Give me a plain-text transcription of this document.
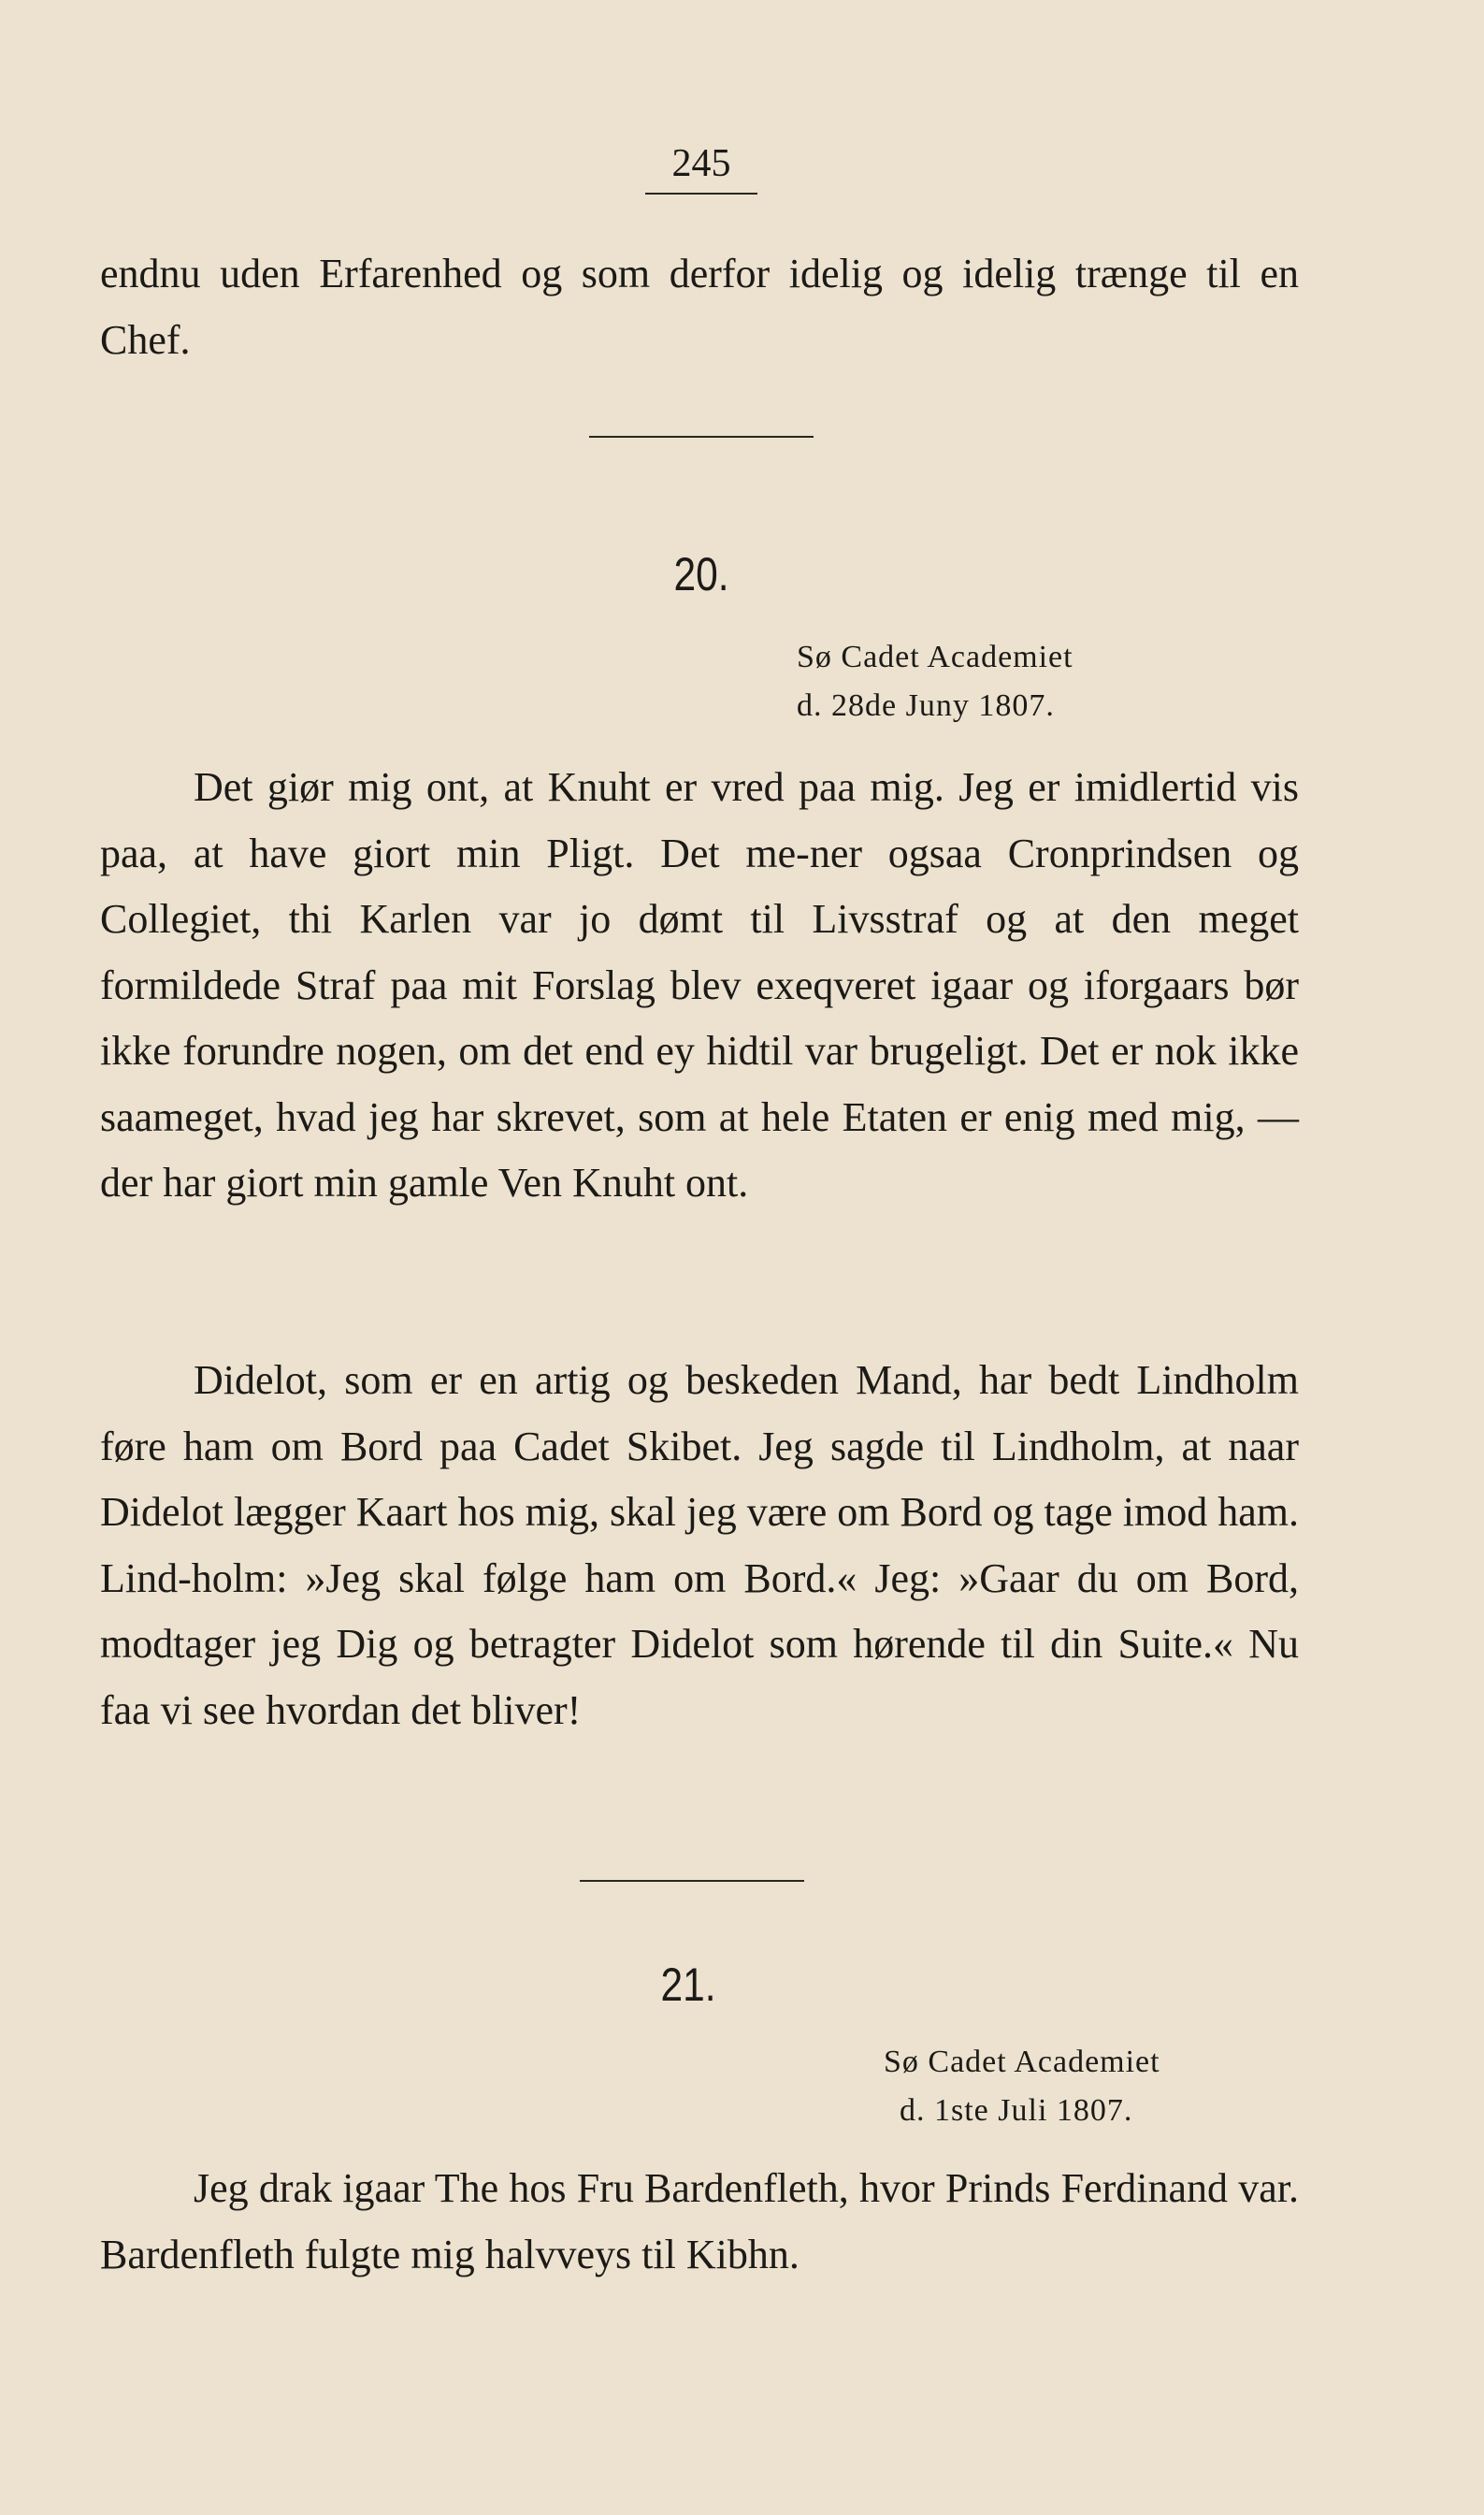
245
endnu uden Erfarenhed og som derfor idelig og idelig trænge til en Chef.
20.
Sø Cadet Academiet
d. 28de Juny 1807.
Det giør mig ont, at Knuht er vred paa mig. Jeg er imidlertid vis paa, at have giort min Pligt. Det me-ner ogsaa Cronprindsen og Collegiet, thi Karlen var jo dømt til Livsstraf og at den meget formildede Straf paa mit Forslag blev exeqveret igaar og iforgaars bør ikke forundre nogen, om det end ey hidtil var brugeligt. Det er nok ikke saameget, hvad jeg har skrevet, som at hele Etaten er enig med mig, — der har giort min gamle Ven Knuht ont.
Didelot, som er en artig og beskeden Mand, har bedt Lindholm føre ham om Bord paa Cadet Skibet. Jeg sagde til Lindholm, at naar Didelot lægger Kaart hos mig, skal jeg være om Bord og tage imod ham. Lind-holm: »Jeg skal følge ham om Bord.« Jeg: »Gaar du om Bord, modtager jeg Dig og betragter Didelot som hørende til din Suite.« Nu faa vi see hvordan det bliver!
21.
Sø Cadet Academiet
d. 1ste Juli 1807.
Jeg drak igaar The hos Fru Bardenfleth, hvor Prinds Ferdinand var. Bardenfleth fulgte mig halvveys til Kibhn.
